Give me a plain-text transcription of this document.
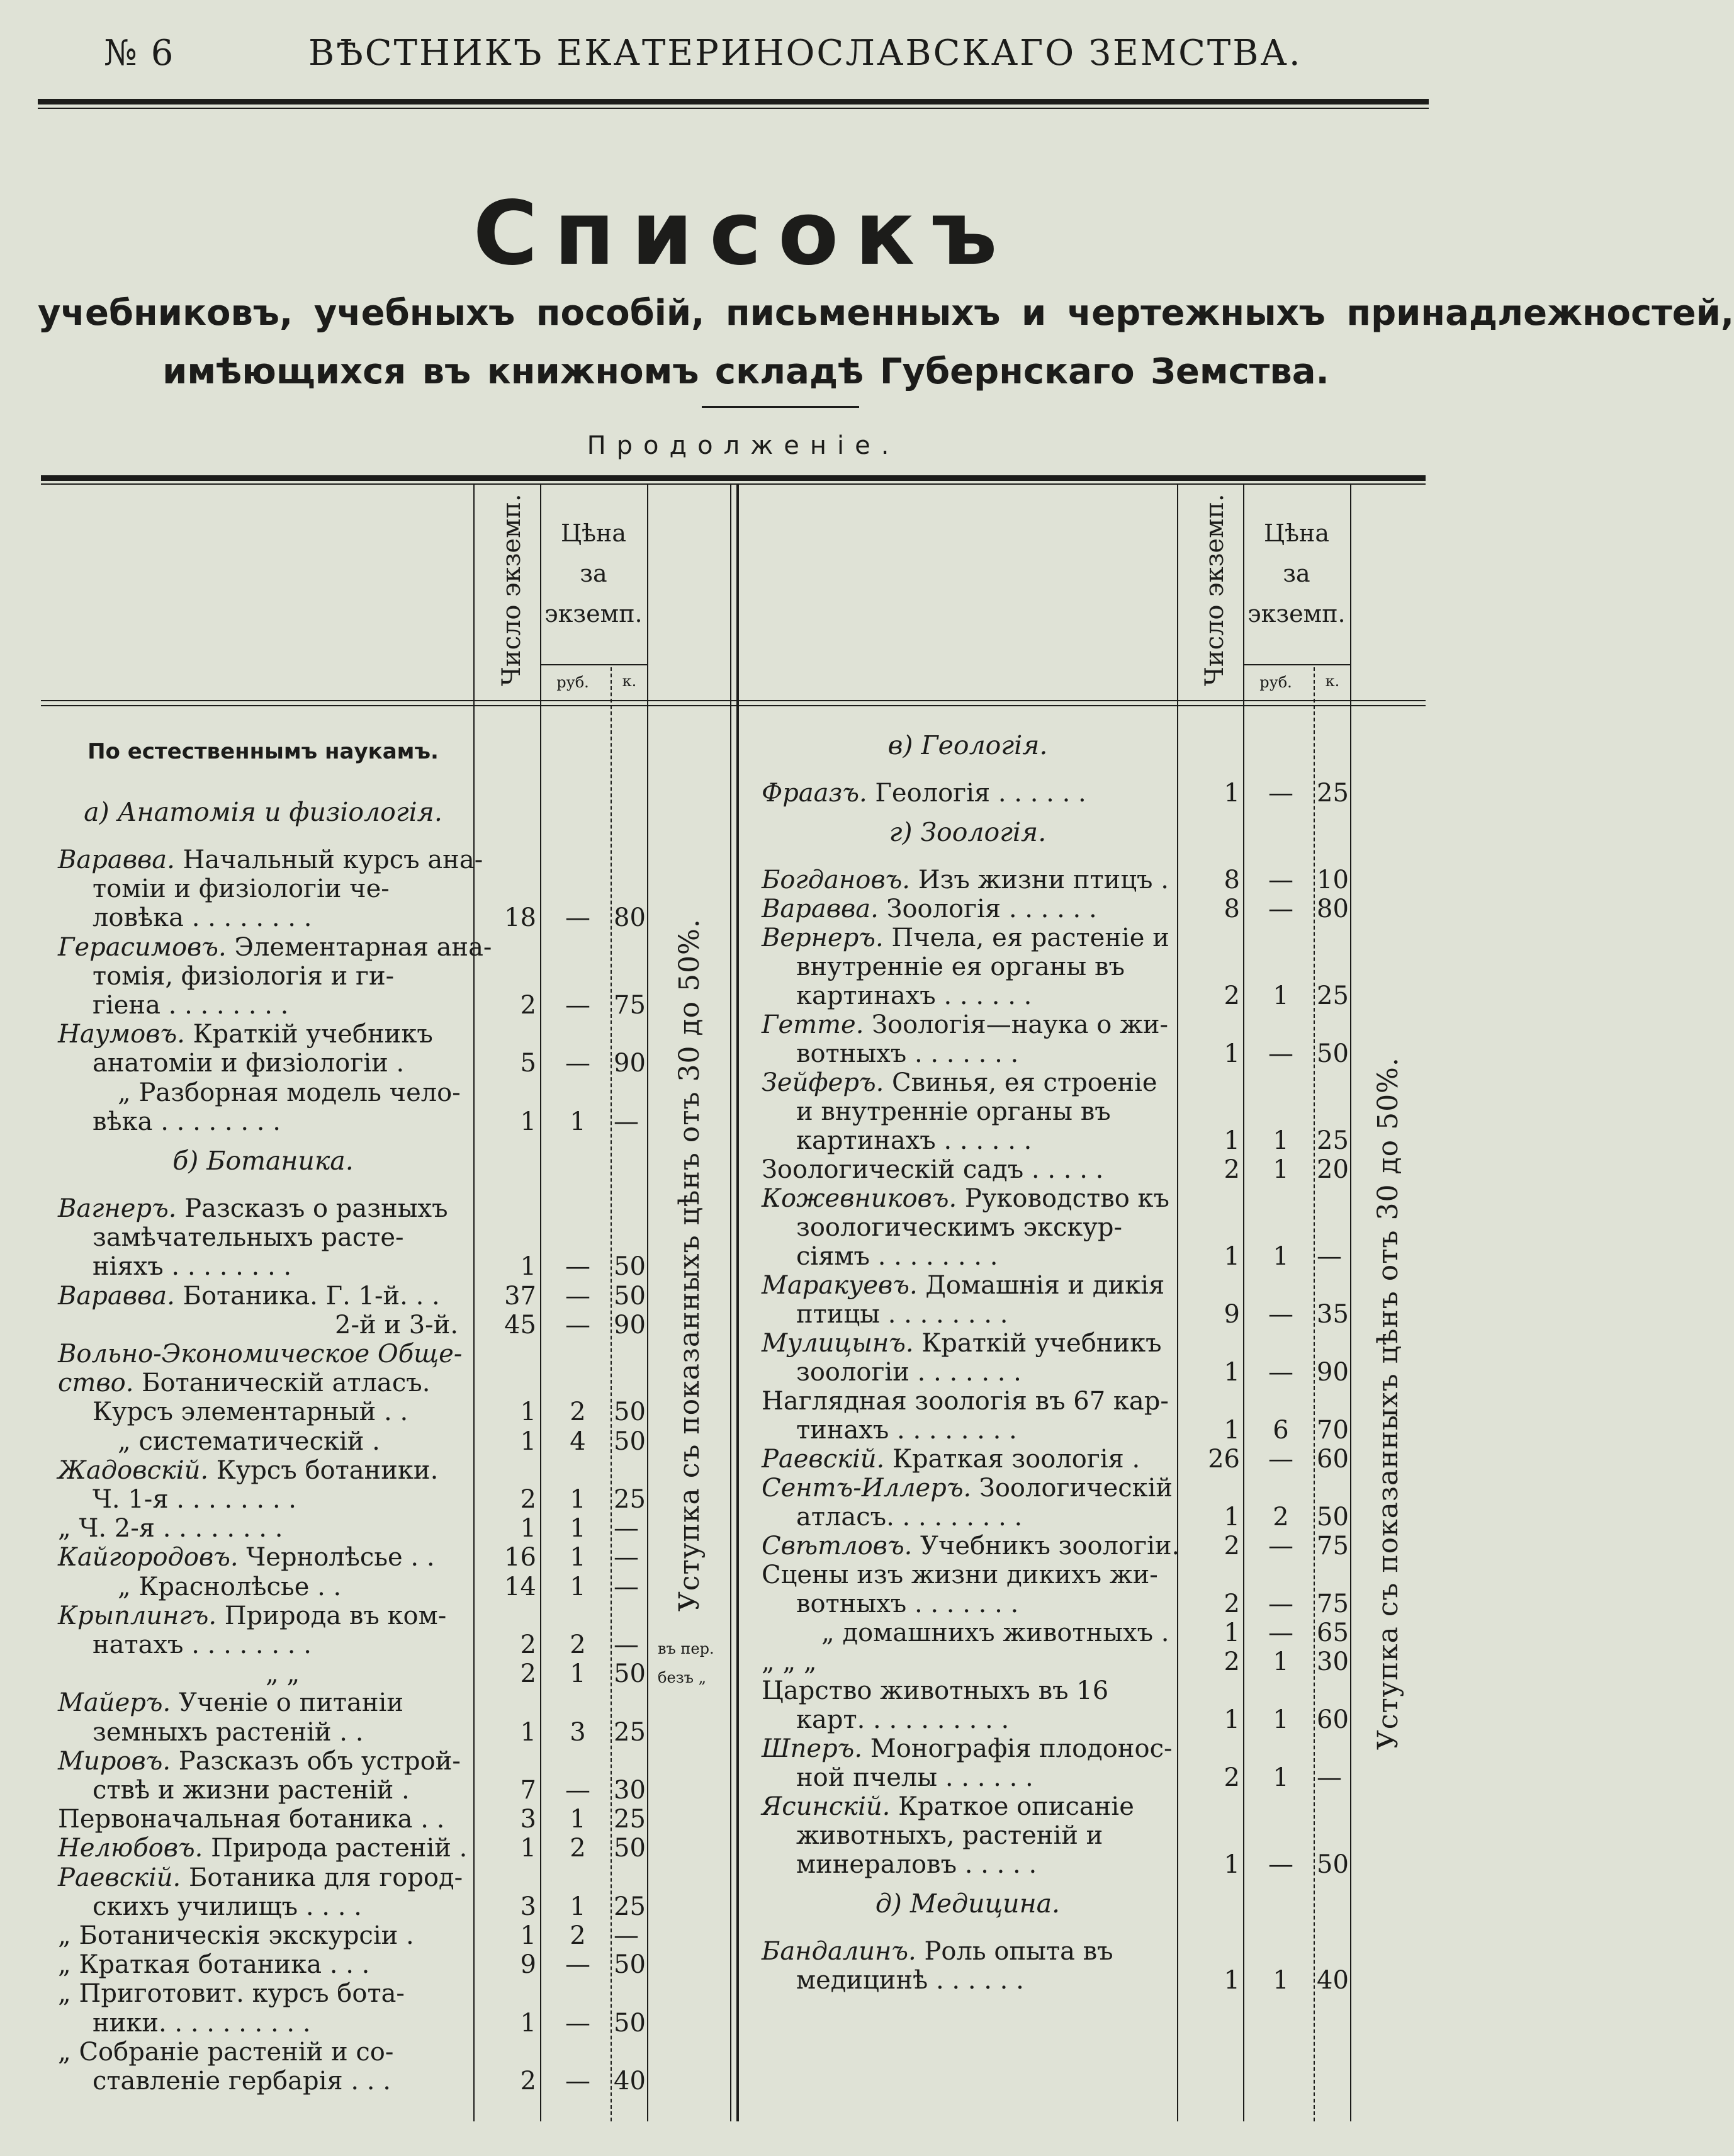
№ 6	ВѢСТНИКЪ ЕКАТЕРИНОСЛАВСКАГО ЗЕМСТВА.
Списокъ
учебниковъ, учебныхъ пособій, письменныхъ и чертежныхъ принадлежностей,
имѣющихся въ книжномъ складѣ Губернскаго Земства.
Продолженіе.
Число экземп.	Цѣна
за
экземп.
руб.	к.	Число экземп.	Цѣна
за
экземп.
руб.	к.
Уступка съ показанныхъ цѣнъ отъ 30 до 50%.	Уступка съ показанныхъ цѣнъ отъ 30 до 50%.
По естественнымъ наукамъ.
а) Анатомія и физіологія.
Варавва. Начальный курсъ ана-
томіи и физіологіи че-
ловѣка . . . . . . . .	18	— 80
Герасимовъ. Элементарная ана-
томія, физіологія и ги-
гіена . . . . . . . .	2	— 75
Наумовъ. Краткій учебникъ
анатоміи и физіологіи .	5	— 90
„ Разборная модель чело-
вѣка . . . . . . . .	1	1	—
б) Ботаника.
Вагнеръ. Разсказъ о разныхъ
замѣчательныхъ расте-
ніяхъ . . . . . . . .	1	— 50
Варавва. Ботаника. Г. 1-й. . .	37	— 50
2-й и 3-й.	45	— 90
Вольно-Экономическое Обще-
ство. Ботаническій атласъ.
Курсъ элементарный . .	1	2	50
„ систематическій .	1	4	50
Жадовскій. Курсъ ботаники.
Ч. 1-я . . . . . . . .	2	1	25
„ Ч. 2-я . . . . . . . .	1	1	—
Кайгородовъ. Чернолѣсье . .	16	1	—
„ Краснолѣсье . .	14	1	—
Крыплингъ. Природа въ ком-
натахъ . . . . . . . .	2	2	—	въ пер.
„ „	2	1	50 безъ „
Майеръ. Ученіе о питаніи
земныхъ растеній . .	1	3	25
Мировъ. Разсказъ объ устрой-
ствѣ и жизни растеній .	7	— 30
Первоначальная ботаника . .	3	1	25
Нелюбовъ. Природа растеній .	1	2	50
Раевскій. Ботаника для город-
скихъ училищъ . . . .	3	1	25
„ Ботаническія экскурсіи .	1	2	—
„ Краткая ботаника . . .	9	— 50
„ Приготовит. курсъ бота-
ники. . . . . . . . . .	1	— 50
„ Собраніе растеній и со-
ставленіе гербарія . . .	2	— 40
в) Геологія.
Фраазъ. Геологія . . . . . .	1	— 25
г) Зоологія.
Богдановъ. Изъ жизни птицъ .	8	— 10
Варавва. Зоологія . . . . . .	8	— 80
Вернеръ. Пчела, ея растеніе и
внутренніе ея органы въ
картинахъ . . . . . .	2	1	25
Гетте. Зоологія—наука о жи-
вотныхъ . . . . . . .	1	— 50
Зейферъ. Свинья, ея строеніе
и внутренніе органы въ
картинахъ . . . . . .	1	1	25
Зоологическій садъ . . . . .	2	1	20
Кожевниковъ. Руководство къ
зоологическимъ экскур-
сіямъ . . . . . . . .	1	1	—
Маракуевъ. Домашнія и дикія
птицы . . . . . . . .	9	— 35
Мулицынъ. Краткій учебникъ
зоологіи . . . . . . .	1	— 90
Наглядная зоологія въ 67 кар-
тинахъ . . . . . . . .	1	6	70
Раевскій. Краткая зоологія .	26	— 60
Сентъ-Иллеръ. Зоологическій
атласъ. . . . . . . . .	1	2	50
Свѣтловъ. Учебникъ зоологіи.	2	— 75
Сцены изъ жизни дикихъ жи-
вотныхъ . . . . . . .	2	— 75
„ домашнихъ животныхъ .	1	— 65
„ „ „	2	1	30
Царство животныхъ въ 16
карт. . . . . . . . . .	1	1	60
Шперъ. Монографія плодонос-
ной пчелы . . . . . .	2	1	—
Ясинскій. Краткое описаніе
животныхъ, растеній и
минераловъ . . . . .	1	— 50
д) Медицина.
Бандалинъ. Роль опыта въ
медицинѣ . . . . . .	1	1	40
